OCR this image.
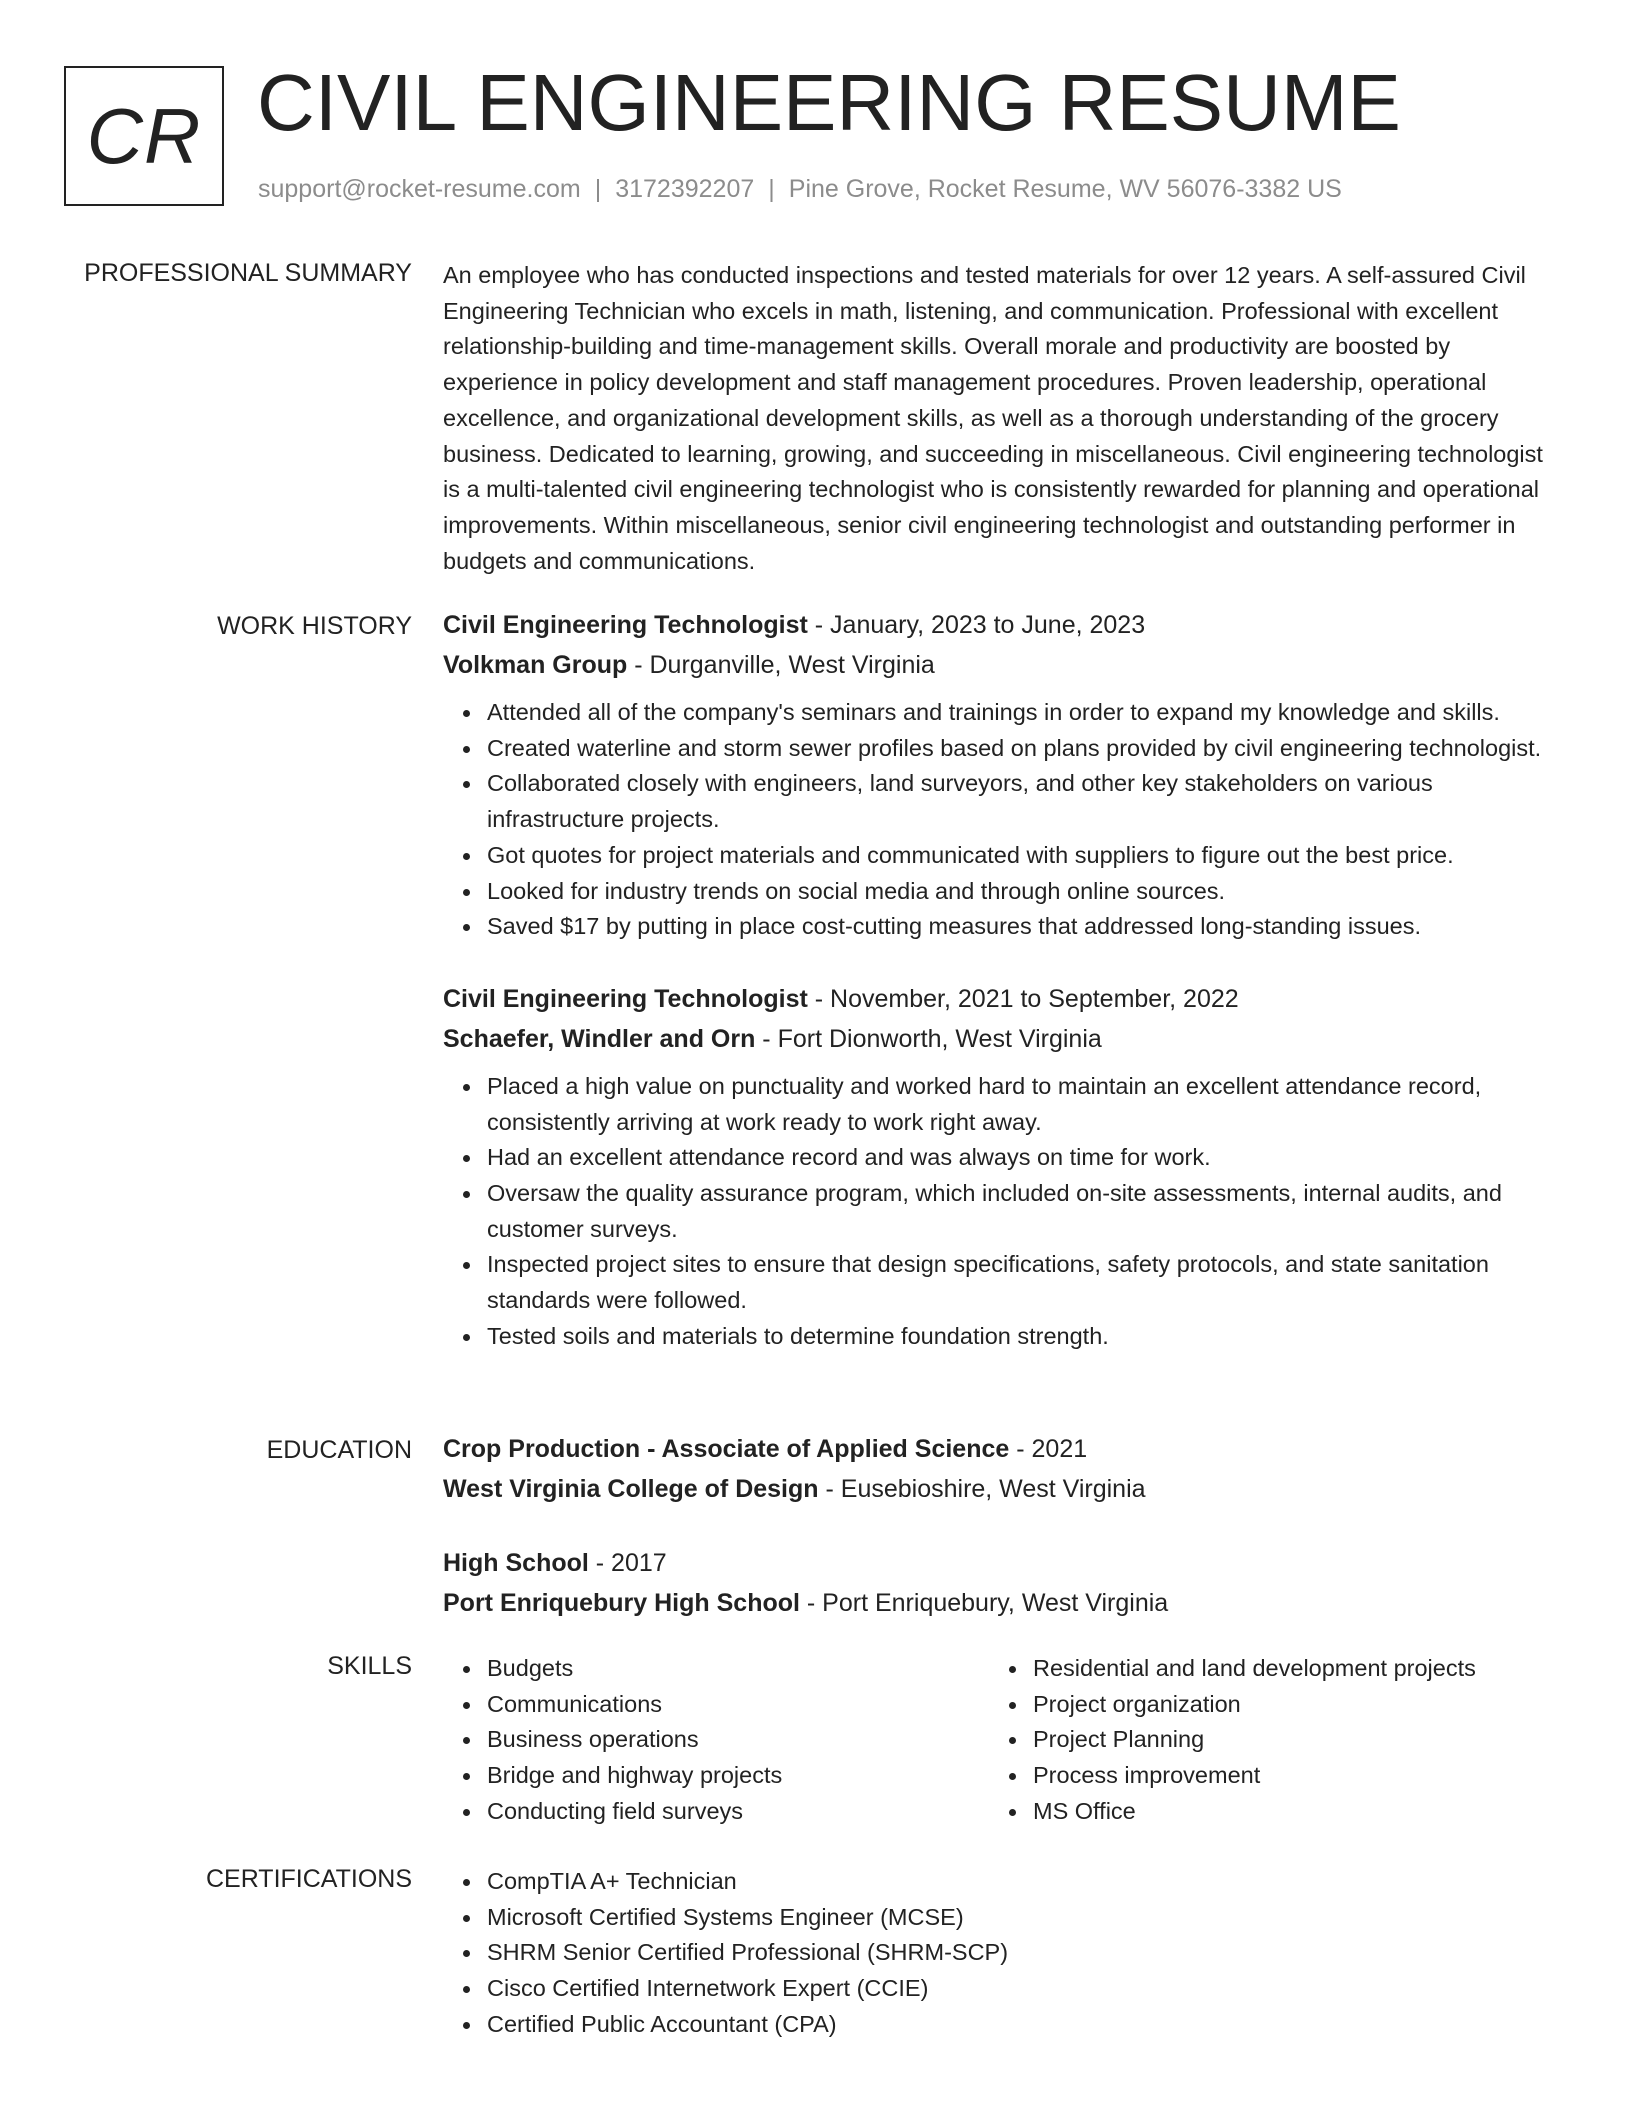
CR CIVIL ENGINEERING RESUME
support@rocket-resume.com | 3172392207 | Pine Grove, Rocket Resume, WV 56076-3382 US
PROFESSIONAL SUMMARY An employee who has conducted inspections and tested materials for over 12 years. A self-assured Civil Engineering Technician who excels in math, listening, and communication. Professional with excellent relationship-building and time-management skills. Overall morale and productivity are boosted by experience in policy development and staff management procedures. Proven leadership, operational excellence, and organizational development skills, as well as a thorough understanding of the grocery business. Dedicated to learning, growing, and succeeding in miscellaneous. Civil engineering technologist is a multi-talented civil engineering technologist who is consistently rewarded for planning and operational improvements. Within miscellaneous, senior civil engineering technologist and outstanding performer in budgets and communications.

WORK HISTORY Civil Engineering Technologist - January, 2023 to June, 2023
Volkman Group - Durganville, West Virginia
Attended all of the company's seminars and trainings in order to expand my knowledge and skills.
Created waterline and storm sewer profiles based on plans provided by civil engineering technologist.
Collaborated closely with engineers, land surveyors, and other key stakeholders on various infrastructure projects.
Got quotes for project materials and communicated with suppliers to figure out the best price.
Looked for industry trends on social media and through online sources.
Saved $17 by putting in place cost-cutting measures that addressed long-standing issues.
Civil Engineering Technologist - November, 2021 to September, 2022
Schaefer, Windler and Orn - Fort Dionworth, West Virginia
Placed a high value on punctuality and worked hard to maintain an excellent attendance record, consistently arriving at work ready to work right away.
Had an excellent attendance record and was always on time for work.
Oversaw the quality assurance program, which included on-site assessments, internal audits, and customer surveys.
Inspected project sites to ensure that design specifications, safety protocols, and state sanitation standards were followed.
Tested soils and materials to determine foundation strength.
EDUCATION Crop Production - Associate of Applied Science - 2021
West Virginia College of Design - Eusebioshire, West Virginia
High School - 2017
Port Enriquebury High School - Port Enriquebury, West Virginia
SKILLS	Budgets
Communications
Business operations
Bridge and highway projects
Conducting field surveys
Residential and land development projects
Project organization
Project Planning
Process improvement
MS Office
CERTIFICATIONS	CompTIA A+ Technician
Microsoft Certified Systems Engineer (MCSE)
SHRM Senior Certified Professional (SHRM-SCP)
Cisco Certified Internetwork Expert (CCIE)
Certified Public Accountant (CPA)
